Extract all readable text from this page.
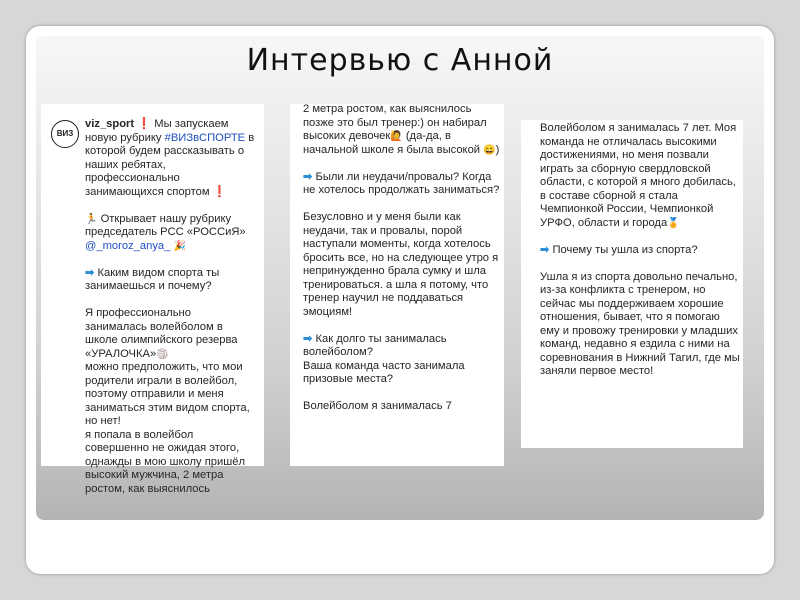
Интервью с Анной
ВИЗ
viz_sport ❗ Мы запускаем новую рубрику #ВИЗвСПОРТЕ в которой будем рассказывать о наших ребятах, профессионально занимающихся спортом ❗
🏃 Открывает нашу рубрику председатель РСС «РОССиЯ»
@_moroz_anya_ 🎉
➡ Каким видом спорта ты занимаешься и почему?
Я профессионально
занималась волейболом в
школе олимпийского резерва
«УРАЛОЧКА»🏐
можно предположить, что мои родители играли в волейбол, поэтому отправили и меня заниматься этим видом спорта, но нет!
я попала в волейбол совершенно не ожидая этого, однажды в мою школу пришёл высокий мужчина, 2 метра ростом, как выяснилось
2 метра ростом, как выяснилось позже это был тренер:) он набирал высоких девочек🙋 (да-да, в начальной школе я была высокой 😄)
➡ Были ли неудачи/провалы? Когда не хотелось продолжать заниматься?
Безусловно и у меня были как неудачи, так и провалы, порой наступали моменты, когда хотелось бросить все, но на следующее утро я непринужденно брала сумку и шла тренироваться. а шла я потому, что тренер научил не поддаваться эмоциям!
➡ Как долго ты занималась волейболом?
Ваша команда часто занимала призовые места?
Волейболом я занималась 7
Волейболом я занималась 7 лет. Моя команда не отличалась высокими достижениями, но меня позвали играть за сборную свердловской области, с которой я много добилась, в составе сборной я стала Чемпионкой России, Чемпионкой УРФО, области и города🏅
➡ Почему ты ушла из спорта?
Ушла я из спорта довольно печально, из-за конфликта с тренером, но сейчас мы поддерживаем хорошие отношения, бывает, что я помогаю ему и провожу тренировки у младших команд, недавно я ездила с ними на соревнования в Нижний Тагил, где мы заняли первое место!
